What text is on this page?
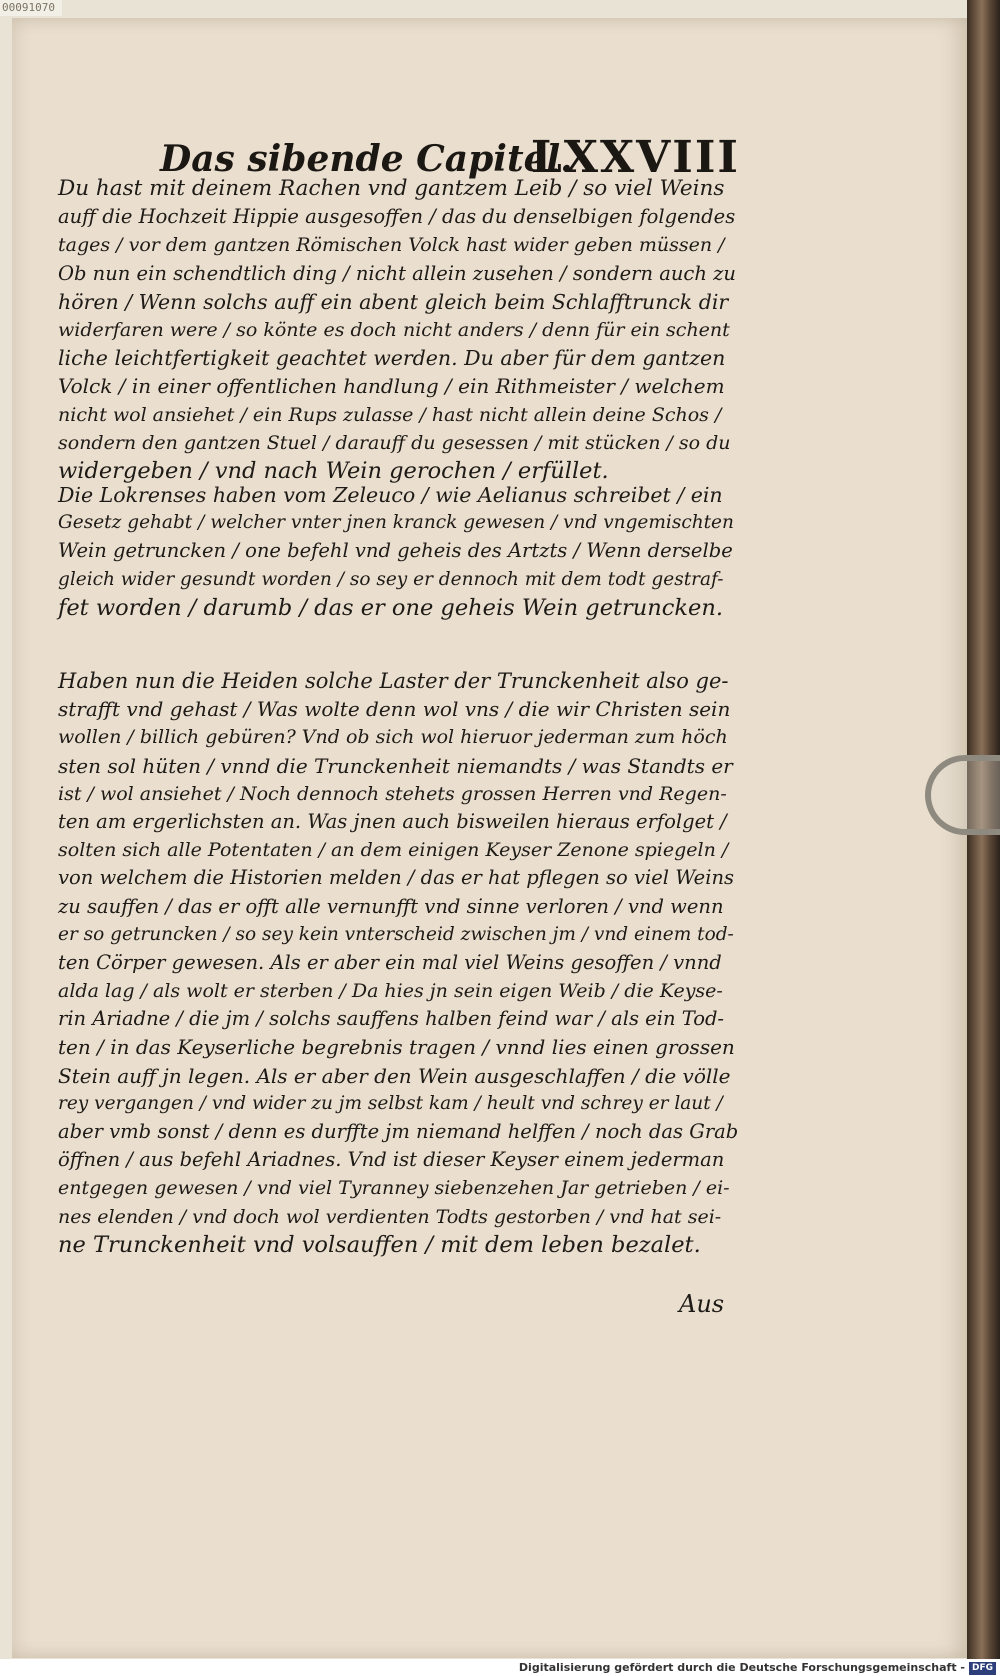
00091070
Das sibende Capitel.
LXXVIII
Du hast mit deinem Rachen vnd gantzem Leib / so viel Weins
auff die Hochzeit Hippie ausgesoffen / das du denselbigen folgendes
tages / vor dem gantzen Römischen Volck hast wider geben müssen /
Ob nun ein schendtlich ding / nicht allein zusehen / sondern auch zu
hören / Wenn solchs auff ein abent gleich beim Schlafftrunck dir
widerfaren were / so könte es doch nicht anders / denn für ein schent
liche leichtfertigkeit geachtet werden. Du aber für dem gantzen
Volck / in einer offentlichen handlung / ein Rithmeister / welchem
nicht wol ansiehet / ein Rups zulasse / hast nicht allein deine Schos /
sondern den gantzen Stuel / darauff du gesessen / mit stücken / so du
widergeben / vnd nach Wein gerochen / erfüllet.
Die Lokrenses haben vom Zeleuco / wie Aelianus schreibet / ein
Gesetz gehabt / welcher vnter jnen kranck gewesen / vnd vngemischten
Wein getruncken / one befehl vnd geheis des Artzts / Wenn derselbe
gleich wider gesundt worden / so sey er dennoch mit dem todt gestraf-
fet worden / darumb / das er one geheis Wein getruncken.
Haben nun die Heiden solche Laster der Trunckenheit also ge-
strafft vnd gehast / Was wolte denn wol vns / die wir Christen sein
wollen / billich gebüren? Vnd ob sich wol hieruor jederman zum höch
sten sol hüten / vnnd die Trunckenheit niemandts / was Standts er
ist / wol ansiehet / Noch dennoch stehets grossen Herren vnd Regen-
ten am ergerlichsten an. Was jnen auch bisweilen hieraus erfolget /
solten sich alle Potentaten / an dem einigen Keyser Zenone spiegeln /
von welchem die Historien melden / das er hat pflegen so viel Weins
zu sauffen / das er offt alle vernunfft vnd sinne verloren / vnd wenn
er so getruncken / so sey kein vnterscheid zwischen jm / vnd einem tod-
ten Cörper gewesen. Als er aber ein mal viel Weins gesoffen / vnnd
alda lag / als wolt er sterben / Da hies jn sein eigen Weib / die Keyse-
rin Ariadne / die jm / solchs sauffens halben feind war / als ein Tod-
ten / in das Keyserliche begrebnis tragen / vnnd lies einen grossen
Stein auff jn legen. Als er aber den Wein ausgeschlaffen / die völle
rey vergangen / vnd wider zu jm selbst kam / heult vnd schrey er laut /
aber vmb sonst / denn es durffte jm niemand helffen / noch das Grab
öffnen / aus befehl Ariadnes. Vnd ist dieser Keyser einem jederman
entgegen gewesen / vnd viel Tyranney siebenzehen Jar getrieben / ei-
nes elenden / vnd doch wol verdienten Todts gestorben / vnd hat sei-
ne Trunckenheit vnd volsauffen / mit dem leben bezalet.
Aus
Digitalisierung gefördert durch die Deutsche Forschungsgemeinschaft - DFG
